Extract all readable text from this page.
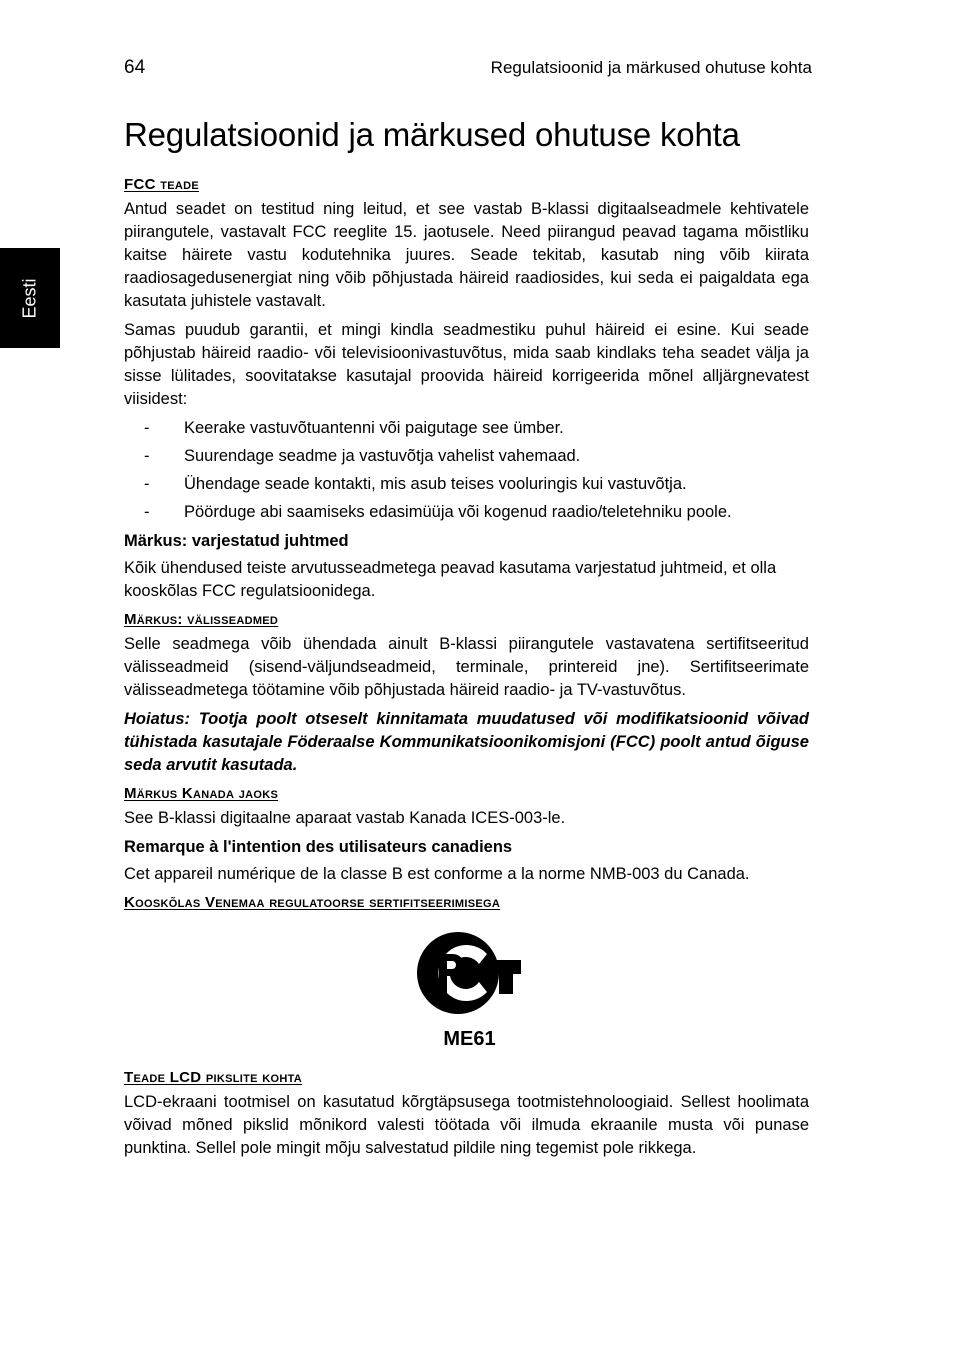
64	Regulatsioonid ja märkused ohutuse kohta
Eesti
Regulatsioonid ja märkused ohutuse kohta
FCC teade

Antud seadet on testitud ning leitud, et see vastab B-klassi digitaalseadmele kehtivatele piirangutele, vastavalt FCC reeglite 15. jaotusele. Need piirangud peavad tagama mõistliku kaitse häirete vastu kodutehnika juures. Seade tekitab, kasutab ning võib kiirata raadiosagedusenergiat ning võib põhjustada häireid raadiosides, kui seda ei paigaldata ega kasutata juhistele vastavalt.

Samas puudub garantii, et mingi kindla seadmestiku puhul häireid ei esine. Kui seade põhjustab häireid raadio- või televisioonivastuvõtus, mida saab kindlaks teha seadet välja ja sisse lülitades, soovitatakse kasutajal proovida häireid korrigeerida mõnel alljärgnevatest viisidest:

-	Keerake vastuvõtuantenni või paigutage see ümber.
-	Suurendage seadme ja vastuvõtja vahelist vahemaad.
-	Ühendage seade kontakti, mis asub teises vooluringis kui vastuvõtja.
-	Pöörduge abi saamiseks edasimüüja või kogenud raadio/teletehniku poole.
Märkus: varjestatud juhtmed

Kõik ühendused teiste arvutusseadmetega peavad kasutama varjestatud juhtmeid, et olla kooskõlas FCC regulatsioonidega.

Märkus: välisseadmed

Selle seadmega võib ühendada ainult B-klassi piirangutele vastavatena sertifitseeritud välisseadmeid (sisend-väljundseadmeid, terminale, printereid jne). Sertifitseerimate välisseadmetega töötamine võib põhjustada häireid raadio- ja TV-vastuvõtus.

Hoiatus: Tootja poolt otseselt kinnitamata muudatused või modifikatsioonid võivad tühistada kasutajale Föderaalse Kommunikatsioonikomisjoni (FCC) poolt antud õiguse seda arvutit kasutada.

Märkus Kanada jaoks

See B-klassi digitaalne aparaat vastab Kanada ICES-003-le.

Remarque à l'intention des utilisateurs canadiens

Cet appareil numérique de la classe B est conforme a la norme NMB-003 du Canada.

Kooskõlas Venemaa regulatoorse sertifitseerimisega
ME61
Teade LCD pikslite kohta

LCD-ekraani tootmisel on kasutatud kõrgtäpsusega tootmistehnoloogiaid. Sellest hoolimata võivad mõned pikslid mõnikord valesti töötada või ilmuda ekraanile musta või punase punktina. Sellel pole mingit mõju salvestatud pildile ning tegemist pole rikkega.
